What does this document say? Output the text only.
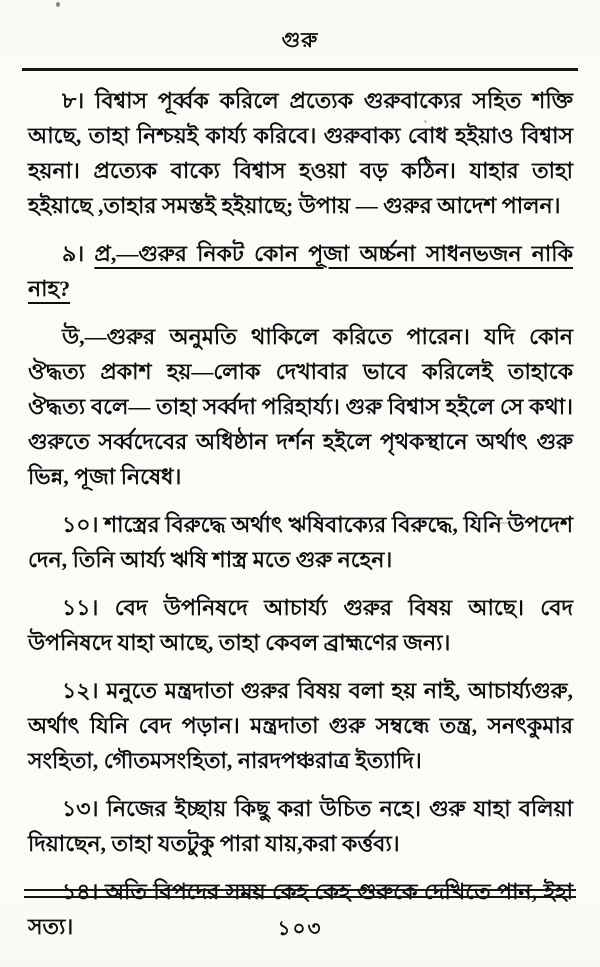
গুরু

৮। বিশ্বাস পূর্ব্বক করিলে প্রত্যেক গুরুবাক্যের সহিত শক্তি আছে, তাহা নিশ্চয়ই কার্য্য করিবে। গুরুবাক্য বোধ হইয়াও বিশ্বাস হয়না। প্রত্যেক বাক্যে বিশ্বাস হওয়া বড় কঠিন। যাহার তাহা হইয়াছে ,তাহার সমস্তই হইয়াছে; উপায় — গুরুর আদেশ পালন।

৯। প্র,—গুরুর নিকট কোন পূজা অর্চ্চনা সাধনভজন নাকি নাহ?

উ,—গুরুর অনুমতি থাকিলে করিতে পারেন। যদি কোন ঔদ্ধত্য প্রকাশ হয়—লোক দেখাবার ভাবে করিলেই তাহাকে ঔদ্ধত্য বলে— তাহা সর্ব্বদা পরিহার্য্য। গুরু বিশ্বাস হইলে সে কথা। গুরুতে সর্ব্বদেবের অধিষ্ঠান দর্শন হইলে পৃথকস্থানে অর্থাৎ গুরু ভিন্ন, পূজা নিষেধ।

১০। শাস্ত্রের বিরুদ্ধে অর্থাৎ ঋষিবাক্যের বিরুদ্ধে, যিনি উপদেশ দেন, তিনি আর্য্য ঋষি শাস্ত্র মতে গুরু নহেন।

১১। বেদ উপনিষদে আচার্য্য গুরুর বিষয় আছে। বেদ উপনিষদে যাহা আছে, তাহা কেবল ব্রাহ্মণের জন্য।

১২। মনুতে মন্ত্রদাতা গুরুর বিষয় বলা হয় নাই, আচার্য্যগুরু, অর্থাৎ যিনি বেদ পড়ান। মন্ত্রদাতা গুরু সম্বন্ধে তন্ত্র, সনৎকুমার সংহিতা, গৌতমসংহিতা, নারদপঞ্চরাত্র ইত্যাদি।

১৩। নিজের ইচ্ছায় কিছু করা উচিত নহে। গুরু যাহা বলিয়া দিয়াছেন, তাহা যতটুকু পারা যায়,করা কর্ত্তব্য।

১৪। অতি বিপদের সময় কেহ কেহ গুরুকে দেখিতে পান, ইহা সত্য।	১০৩
